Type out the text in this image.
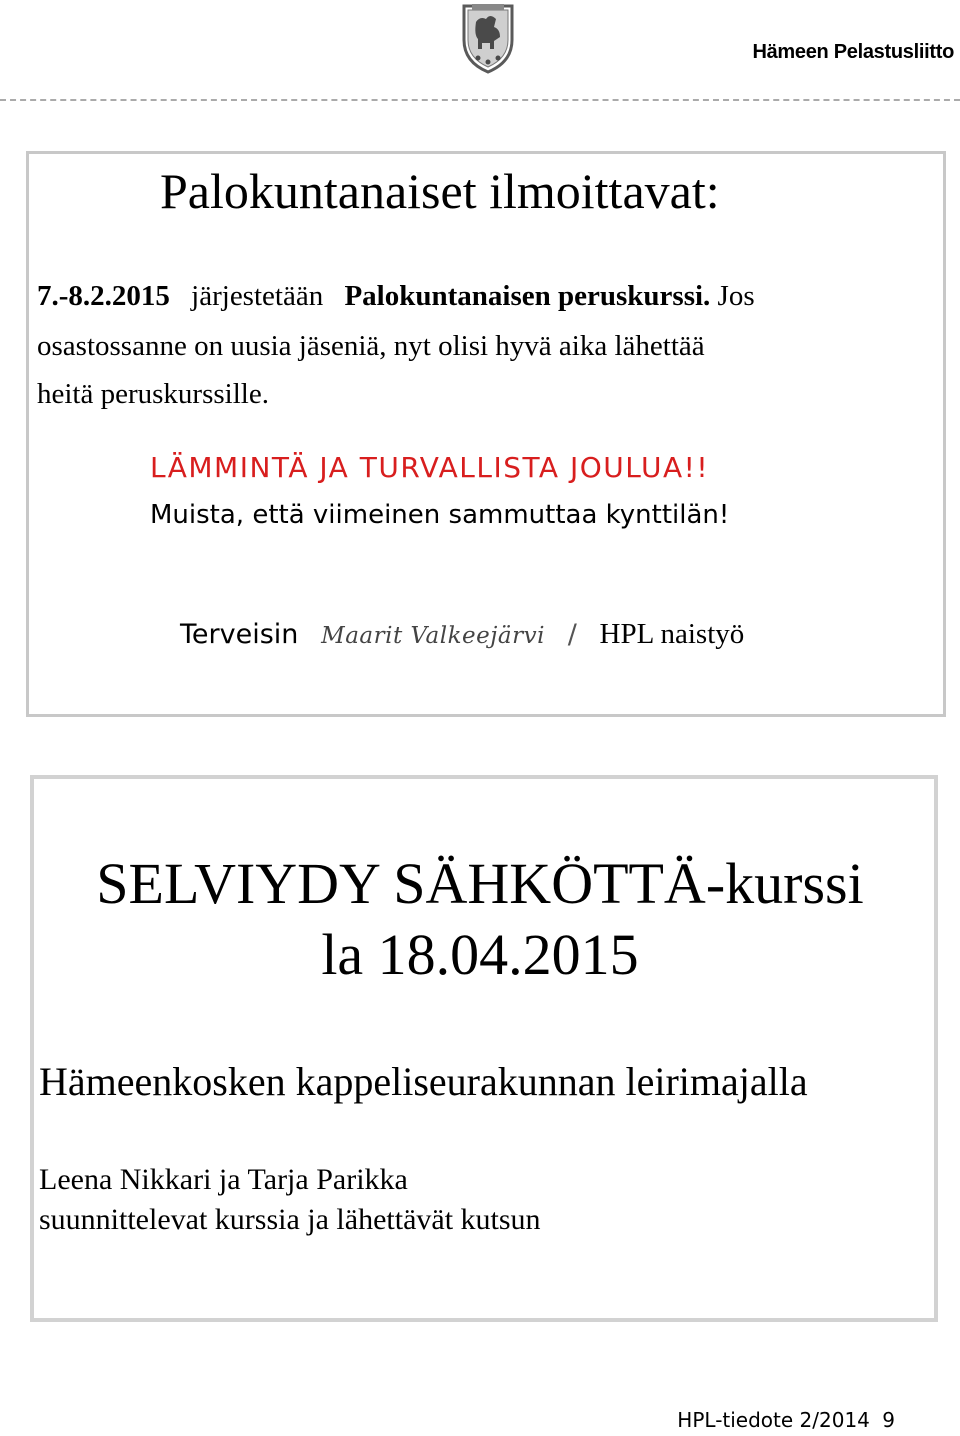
Hämeen Pelastusliitto
Palokuntanaiset ilmoittavat:
7.-8.2.2015 järjestetään Palokuntanaisen peruskurssi. Jos
osastossanne on uusia jäseniä, nyt olisi hyvä aika lähettää
heitä peruskurssille.
LÄMMINTÄ JA TURVALLISTA JOULUA!!
Muista, että viimeinen sammuttaa kynttilän!
Terveisin Maarit Valkeejärvi / HPL naistyö
SELVIYDY SÄHKÖTTÄ-kurssi
la 18.04.2015
Hämeenkosken kappeliseurakunnan leirimajalla
Leena Nikkari ja Tarja Parikka
suunnittelevat kurssia ja lähettävät kutsun
HPL-tiedote 2/2014 9
